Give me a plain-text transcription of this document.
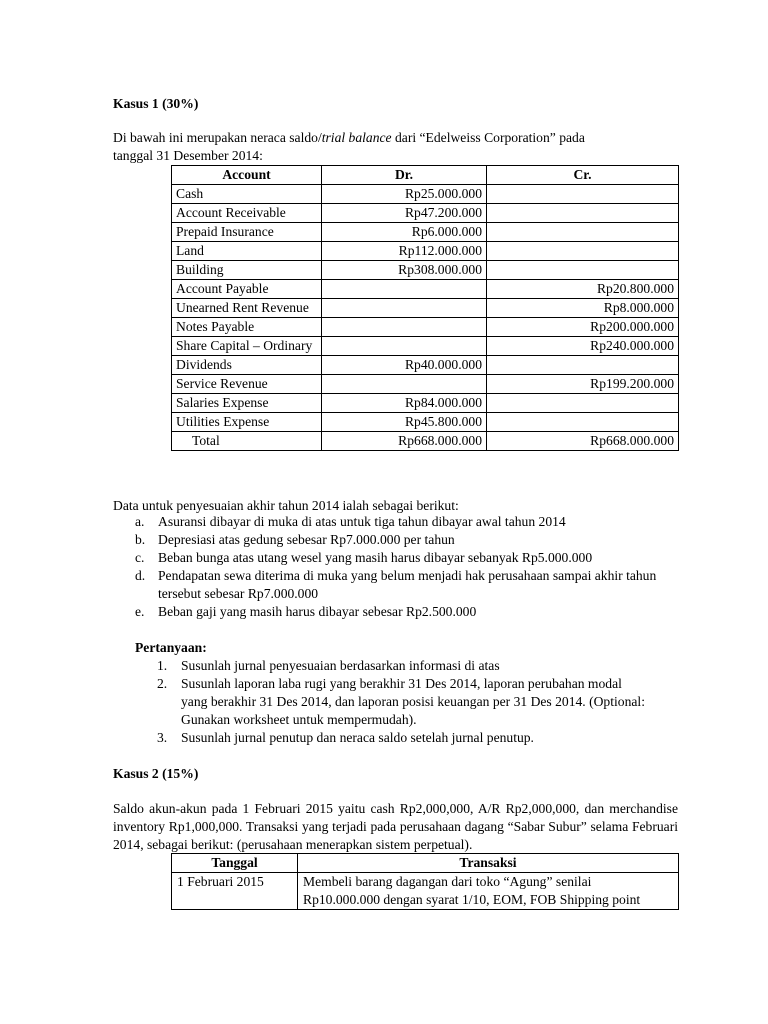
Kasus 1 (30%)

Di bawah ini merupakan neraca saldo/trial balance dari “Edelweiss Corporation” pada
tanggal 31 Desember 2014:

Account	Dr.	Cr.
Cash	Rp25.000.000	
Account Receivable	Rp47.200.000	
Prepaid Insurance	Rp6.000.000	
Land	Rp112.000.000	
Building	Rp308.000.000	
Account Payable		Rp20.800.000
Unearned Rent Revenue		Rp8.000.000
Notes Payable		Rp200.000.000
Share Capital – Ordinary		Rp240.000.000
Dividends	Rp40.000.000	
Service Revenue		Rp199.200.000
Salaries Expense	Rp84.000.000	
Utilities Expense	Rp45.800.000	
Total	Rp668.000.000	Rp668.000.000

Data untuk penyesuaian akhir tahun 2014 ialah sebagai berikut:

a. Asuransi dibayar di muka di atas untuk tiga tahun dibayar awal tahun 2014
b. Depresiasi atas gedung sebesar Rp7.000.000 per tahun
c. Beban bunga atas utang wesel yang masih harus dibayar sebanyak Rp5.000.000
d. Pendapatan sewa diterima di muka yang belum menjadi hak perusahaan sampai akhir tahun tersebut sebesar Rp7.000.000
e. Beban gaji yang masih harus dibayar sebesar Rp2.500.000

Pertanyaan:

1. Susunlah jurnal penyesuaian berdasarkan informasi di atas
2. Susunlah laporan laba rugi yang berakhir 31 Des 2014, laporan perubahan modal yang berakhir 31 Des 2014, dan laporan posisi keuangan per 31 Des 2014. (Optional: Gunakan worksheet untuk mempermudah).
3. Susunlah jurnal penutup dan neraca saldo setelah jurnal penutup.

Kasus 2 (15%)

Saldo akun-akun pada 1 Februari 2015 yaitu cash Rp2,000,000, A/R Rp2,000,000, dan merchandise inventory Rp1,000,000. Transaksi yang terjadi pada perusahaan dagang “Sabar Subur” selama Februari 2014, sebagai berikut: (perusahaan menerapkan sistem perpetual).

Tanggal	Transaksi
1 Februari 2015	Membeli barang dagangan dari toko “Agung” senilai Rp10.000.000 dengan syarat 1/10, EOM, FOB Shipping point
